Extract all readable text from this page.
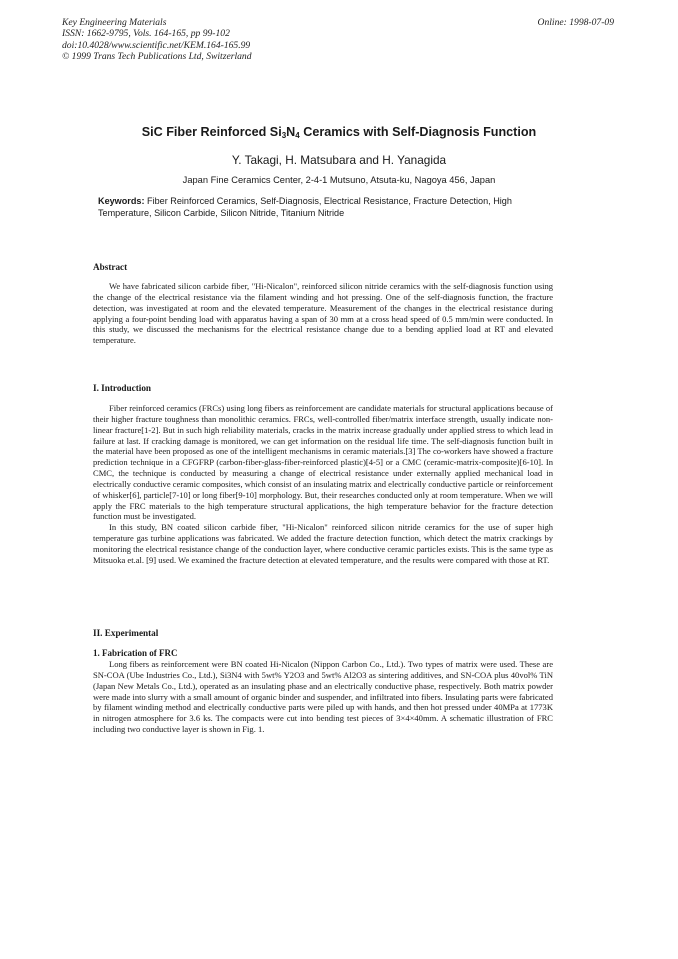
Key Engineering Materials
ISSN: 1662-9795, Vols. 164-165, pp 99-102
doi:10.4028/www.scientific.net/KEM.164-165.99
© 1999 Trans Tech Publications Ltd, Switzerland
Online: 1998-07-09
SiC Fiber Reinforced $Si_3N_4$ Ceramics with Self-Diagnosis Function
Y. Takagi, H. Matsubara and H. Yanagida
Japan Fine Ceramics Center, 2-4-1 Mutsuno, Atsuta-ku, Nagoya 456, Japan
Keywords: Fiber Reinforced Ceramics, Self-Diagnosis, Electrical Resistance, Fracture Detection, High Temperature, Silicon Carbide, Silicon Nitride, Titanium Nitride
Abstract

We have fabricated silicon carbide fiber, "Hi-Nicalon", reinforced silicon nitride ceramics with the self-diagnosis function using the change of the electrical resistance via the filament winding and hot pressing. One of the self-diagnosis function, the fracture detection, was investigated at room and the elevated temperature. Measurement of the changes in the electrical resistance during applying a four-point bending load with apparatus having a span of 30 mm at a cross head speed of 0.5 mm/min were conducted. In this study, we discussed the mechanisms for the electrical resistance change due to a bending applied load at RT and elevated temperature.

I. Introduction

Fiber reinforced ceramics (FRCs) using long fibers as reinforcement are candidate materials for structural applications because of their higher fracture toughness than monolithic ceramics. FRCs, well-controlled fiber/matrix interface strength, usually indicate non-linear fracture[1-2]. But in such high reliability materials, cracks in the matrix increase gradually under applied stress to which lead in failure at last. If cracking damage is monitored, we can get information on the residual life time. The self-diagnosis function built in the material have been proposed as one of the intelligent mechanisms in ceramic materials.[3] The co-workers have showed a fracture prediction technique in a CFGFRP (carbon-fiber-glass-fiber-reinforced plastic)[4-5] or a CMC (ceramic-matrix-composite)[6-10]. In CMC, the technique is conducted by measuring a change of electrical resistance under externally applied mechanical load in electrically conductive ceramic composites, which consist of an insulating matrix and electrically conductive particle or reinforcement of whisker[6], particle[7-10] or long fiber[9-10] morphology. But, their researches conducted only at room temperature. When we will apply the FRC materials to the high temperature structural applications, the high temperature behavior for the fracture detection function must be investigated.

In this study, BN coated silicon carbide fiber, "Hi-Nicalon" reinforced silicon nitride ceramics for the use of super high temperature gas turbine applications was fabricated. We added the fracture detection function, which detect the matrix crackings by monitoring the electrical resistance change of the conduction layer, where conductive ceramic particles exists. This is the same type as Mitsuoka et.al. [9] used. We examined the fracture detection at elevated temperature, and the results were compared with those at RT.

II. Experimental
1. Fabrication of FRC

Long fibers as reinforcement were BN coated Hi-Nicalon (Nippon Carbon Co., Ltd.). Two types of matrix were used. These are SN-COA (Ube Industries Co., Ltd.), Si3N4 with 5wt% Y2O3 and 5wt% Al2O3 as sintering additives, and SN-COA plus 40vol% TiN (Japan New Metals Co., Ltd.), operated as an insulating phase and an electrically conductive phase, respectively. Both matrix powder were made into slurry with a small amount of organic binder and suspender, and infiltrated into fibers. Insulating parts were fabricated by filament winding method and electrically conductive parts were piled up with hands, and then hot pressed under 40MPa at 1773K in nitrogen atmosphere for 3.6 ks. The compacts were cut into bending test pieces of 3×4×40mm. A schematic illustration of FRC including two conductive layer is shown in Fig. 1.
